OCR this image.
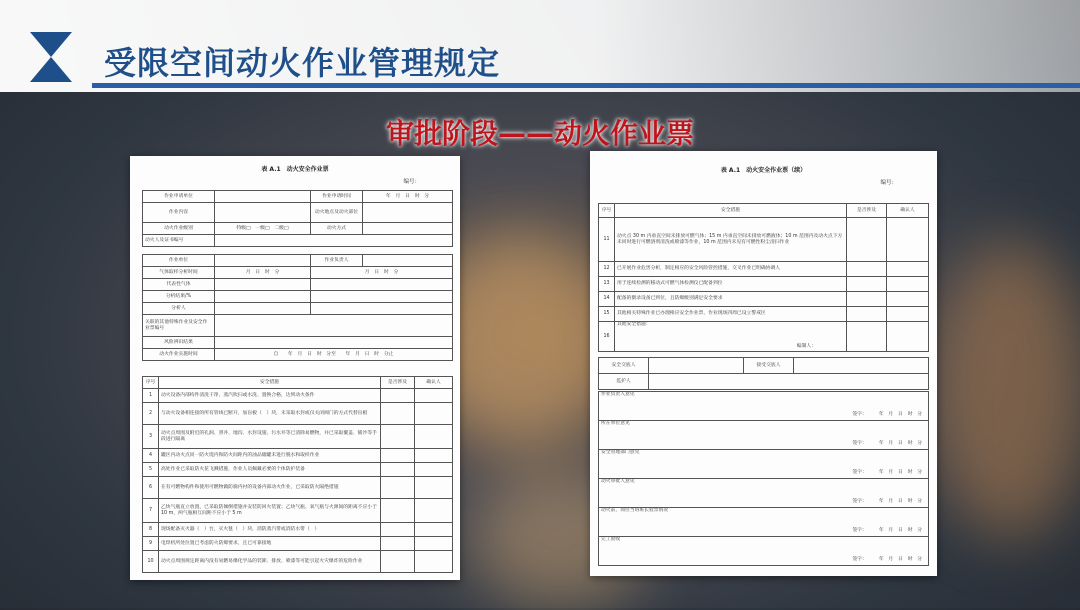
受限空间动火作业管理规定
审批阶段——动火作业票
表 A.1　动火安全作业票
编号：
作业申请单位		作业申请时间	年　月　日　时　分
作业内容		动火地点及动火部位	
动火作业级别	特级□　一级□　二级□	动火方式	
动火人及证书编号			
作业单位		作业负责人	
气体取样分析时间	月　日　时　分	月　日　时　分	
代表性气体			
分析结果/%			
分析人			
关联的其他特殊作业及安全作业票编号			
风险辨识结果			
动火作业实施时间	自　　年　月　日　时　分至　　年　月　日　时　分止		
序号	安全措施	是否涉及	确认人
1	动火设备内部构件清洗干净，蒸汽吹扫或水洗、置换合格，达到动火条件		
2	与动火设备相连接的所有管线已断开，加盲板（　）块，未采取水封或仅关闭阀门的方式代替盲板		
3	动火点周围及附近的孔洞、窨井、地沟、水封设施、污水井等已清除易燃物，并已采取覆盖、铺沙等手段进行隔离		
4	罐区内动火点同一防火堤内和防火间距内的油品储罐未进行脱水和取样作业		
5	高处作业已采取防火花飞溅措施，作业人员佩戴必要的个体防护装备		
6	在有可燃物构件和使用可燃物做防腐内衬的设备内部动火作业，已采取防火隔绝措施		
7	乙炔气瓶直立放置，已采取防倾倒措施并安装防回火装置；乙炔气瓶、氧气瓶与火源间的距离不应小于 10 m，两气瓶相互间距不应小于 5 m		
8	现场配备灭火器（　）台，灭火毯（　）块，消防蒸汽带或消防水带（　）		
9	电焊机所处位置已考虑防火防爆要求，且已可靠接地		
10	动火点周围规定距离内没有易燃易爆化学品的装卸、排放、喷漆等可能引起火灾爆炸的危险作业		
表 A.1　动火安全作业票（续）
编号：
序号	安全措施	是否涉及	确认人
11	动火点 30 m 内垂直空间未排放可燃气体；15 m 内垂直空间未排放可燃液体；10 m 范围内及动火点下方未同时进行可燃溶剂清洗或喷漆等作业，10 m 范围内未见有可燃性粉尘清扫作业		
12	已开展作业危害分析，制定相应的安全风险管控措施，交叉作业已明确协调人		
13	用于连续检测的移动式可燃气体检测仪已配备到位		
14	配备的摄录设备已到位，且防爆级别满足安全要求		
15	其他相关特殊作业已办理相应安全作业票，作业现场四周已设立警戒区		
16	其他安全措施：
编制人：		

安全交底人		接受交底人	
监护人			
作业负责人意见
签字：　　　年　月　日　时　分

所在单位意见
签字：　　　年　月　日　时　分

安全管理部门意见
签字：　　　年　月　日　时　分

动火审批人意见
签字：　　　年　月　日　时　分

动火前，岗位当班班长验票情况
签字：　　　年　月　日　时　分

完工验收
签字：　　　年　月　日　时　分
